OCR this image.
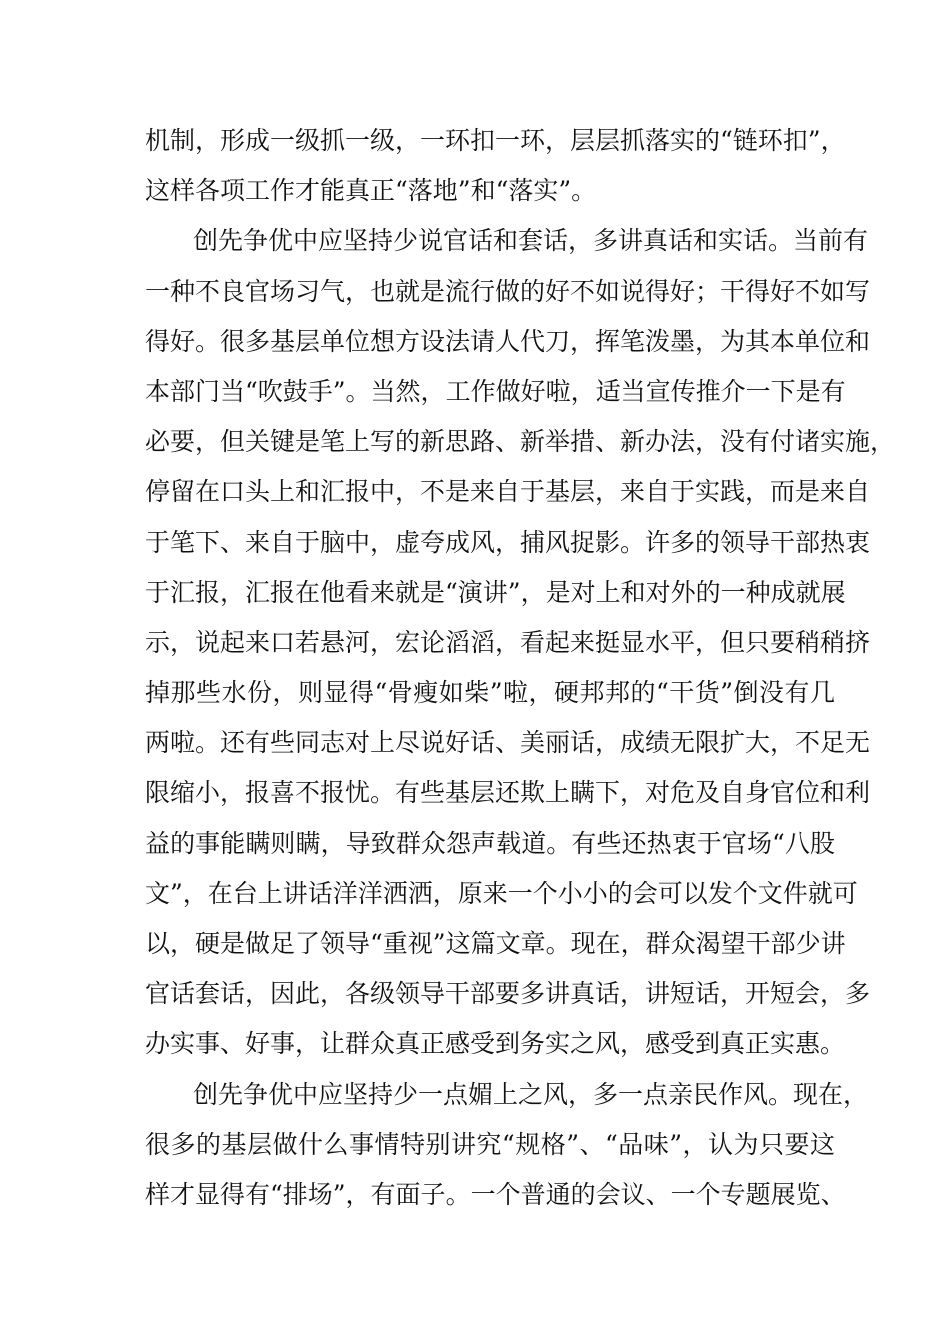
机制，形成一级抓一级，一环扣一环，层层抓落实的“链环扣”，
这样各项工作才能真正“落地”和“落实”。
创先争优中应坚持少说官话和套话，多讲真话和实话。当前有
一种不良官场习气，也就是流行做的好不如说得好；干得好不如写
得好。很多基层单位想方设法请人代刀，挥笔泼墨，为其本单位和
本部门当“吹鼓手”。当然，工作做好啦，适当宣传推介一下是有
必要，但关键是笔上写的新思路、新举措、新办法，没有付诸实施，
停留在口头上和汇报中，不是来自于基层，来自于实践，而是来自
于笔下、来自于脑中，虚夸成风，捕风捉影。许多的领导干部热衷
于汇报，汇报在他看来就是“演讲”，是对上和对外的一种成就展
示，说起来口若悬河，宏论滔滔，看起来挺显水平，但只要稍稍挤
掉那些水份，则显得“骨瘦如柴”啦，硬邦邦的“干货”倒没有几
两啦。还有些同志对上尽说好话、美丽话，成绩无限扩大，不足无
限缩小，报喜不报忧。有些基层还欺上瞒下，对危及自身官位和利
益的事能瞒则瞒，导致群众怨声载道。有些还热衷于官场“八股
文”，在台上讲话洋洋洒洒，原来一个小小的会可以发个文件就可
以，硬是做足了领导“重视”这篇文章。现在，群众渴望干部少讲
官话套话，因此，各级领导干部要多讲真话，讲短话，开短会，多
办实事、好事，让群众真正感受到务实之风，感受到真正实惠。
创先争优中应坚持少一点媚上之风，多一点亲民作风。现在，
很多的基层做什么事情特别讲究“规格”、“品味”，认为只要这
样才显得有“排场”，有面子。一个普通的会议、一个专题展览、
